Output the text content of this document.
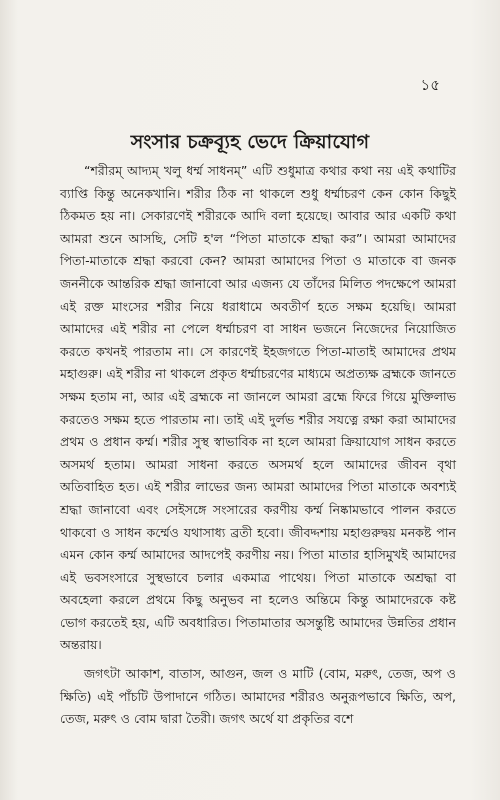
১৫
সংসার চক্রব্যূহ ভেদে ক্রিয়াযোগ

“শরীরম্ আদ্যম্ খলু ধর্ম্ম সাধনম্” এটি শুধুমাত্র কথার কথা নয় এই কথাটির ব্যাপ্তি কিন্তু অনেকখানি। শরীর ঠিক না থাকলে শুধু ধর্ম্মাচরণ কেন কোন কিছুই ঠিকমত হয় না। সেকারণেই শরীরকে আদি বলা হয়েছে। আবার আর একটি কথা আমরা শুনে আসছি, সেটি হ'ল “পিতা মাতাকে শ্রদ্ধা কর”। আমরা আমাদের পিতা-মাতাকে শ্রদ্ধা করবো কেন? আমরা আমাদের পিতা ও মাতাকে বা জনক জননীকে আন্তরিক শ্রদ্ধা জানাবো আর এজন্য যে তাঁদের মিলিত পদক্ষেপে আমরা এই রক্ত মাংসের শরীর নিয়ে ধরাধামে অবতীর্ণ হতে সক্ষম হয়েছি। আমরা আমাদের এই শরীর না পেলে ধর্ম্মাচরণ বা সাধন ভজনে নিজেদের নিয়োজিত করতে কখনই পারতাম না। সে কারণেই ইহজগতে পিতা-মাতাই আমাদের প্রথম মহাগুরু। এই শরীর না থাকলে প্রকৃত ধর্ম্মাচরণের মাধ্যমে অপ্রত্যক্ষ ব্রহ্মকে জানতে সক্ষম হতাম না, আর এই ব্রহ্মকে না জানলে আমরা ব্রহ্মে ফিরে গিয়ে মুক্তিলাভ করতেও সক্ষম হতে পারতাম না। তাই এই দুর্লভ শরীর সযত্নে রক্ষা করা আমাদের প্রথম ও প্রধান কর্ম্ম। শরীর সুস্থ স্বাভাবিক না হলে আমরা ক্রিয়াযোগ সাধন করতে অসমর্থ হতাম। আমরা সাধনা করতে অসমর্থ হলে আমাদের জীবন বৃথা অতিবাহিত হত। এই শরীর লাভের জন্য আমরা আমাদের পিতা মাতাকে অবশ্যই শ্রদ্ধা জানাবো এবং সেইসঙ্গে সংসারের করণীয় কর্ম্ম নিষ্কামভাবে পালন করতে থাকবো ও সাধন কর্ম্মেও যথাসাধ্য ব্রতী হবো। জীবদ্দশায় মহাগুরুদ্বয় মনকষ্ট পান এমন কোন কর্ম্ম আমাদের আদপেই করণীয় নয়। পিতা মাতার হাসিমুখই আমাদের এই ভবসংসারে সুস্থভাবে চলার একমাত্র পাথেয়। পিতা মাতাকে অশ্রদ্ধা বা অবহেলা করলে প্রথমে কিছু অনুভব না হলেও অন্তিমে কিন্তু আমাদেরকে কষ্ট ভোগ করতেই হয়, এটি অবধারিত। পিতামাতার অসন্তুষ্টি আমাদের উন্নতির প্রধান অন্তরায়।

জগৎটা আকাশ, বাতাস, আগুন, জল ও মাটি (বোম, মরুৎ, তেজ, অপ ও ক্ষিতি) এই পাঁচটি উপাদানে গঠিত। আমাদের শরীরও অনুরূপভাবে ক্ষিতি, অপ, তেজ, মরুৎ ও বোম দ্বারা তৈরী। জগৎ অর্থে যা প্রকৃতির বশে
